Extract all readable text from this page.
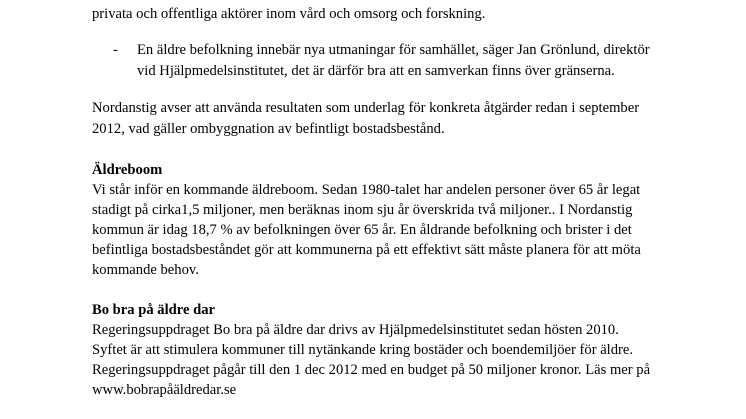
privata och offentliga aktörer inom vård och omsorg och forskning.
- En äldre befolkning innebär nya utmaningar för samhället, säger Jan Grönlund, direktör
vid Hjälpmedelsinstitutet, det är därför bra att en samverkan finns över gränserna.
Nordanstig avser att använda resultaten som underlag för konkreta åtgärder redan i september
2012, vad gäller ombyggnation av befintligt bostadsbestånd.
Äldreboom
Vi står inför en kommande äldreboom. Sedan 1980-talet har andelen personer över 65 år legat
stadigt på cirka1,5 miljoner, men beräknas inom sju år överskrida två miljoner.. I Nordanstig
kommun är idag 18,7 % av befolkningen över 65 år. En åldrande befolkning och brister i det
befintliga bostadsbeståndet gör att kommunerna på ett effektivt sätt måste planera för att möta
kommande behov.
Bo bra på äldre dar
Regeringsuppdraget Bo bra på äldre dar drivs av Hjälpmedelsinstitutet sedan hösten 2010.
Syftet är att stimulera kommuner till nytänkande kring bostäder och boendemiljöer för äldre.
Regeringsuppdraget pågår till den 1 dec 2012 med en budget på 50 miljoner kronor. Läs mer på
www.bobrapåäldredar.se
